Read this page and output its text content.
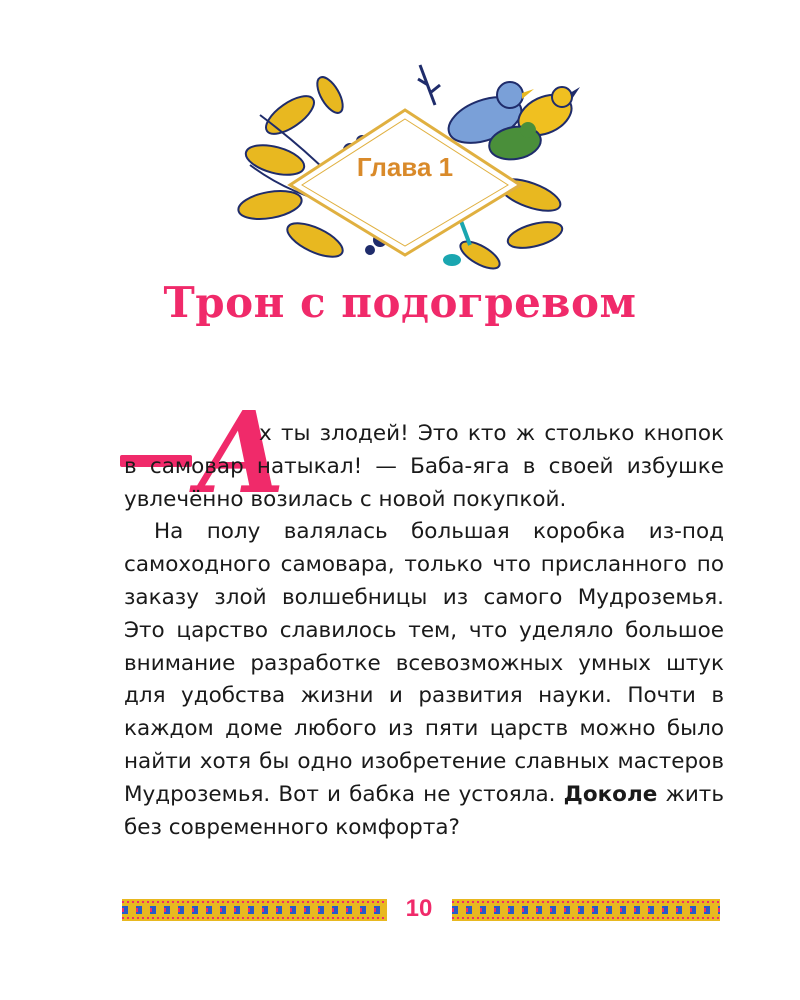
Глава 1
Трон с подогревом
А

х ты злодей! Это кто ж столько кнопок в самовар натыкал! — Баба-яга в своей избушке увлечённо возилась с новой покупкой.

На полу валялась большая коробка из-под самоходного самовара, только что присланного по заказу злой волшебницы из самого Мудроземья. Это царство славилось тем, что уделяло большое внимание разработке всевозможных умных штук для удобства жизни и развития науки. Почти в каждом доме любого из пяти царств можно было найти хотя бы одно изобретение славных мастеров Мудроземья. Вот и бабка не устояла. Доколе жить без современного комфорта?

10
